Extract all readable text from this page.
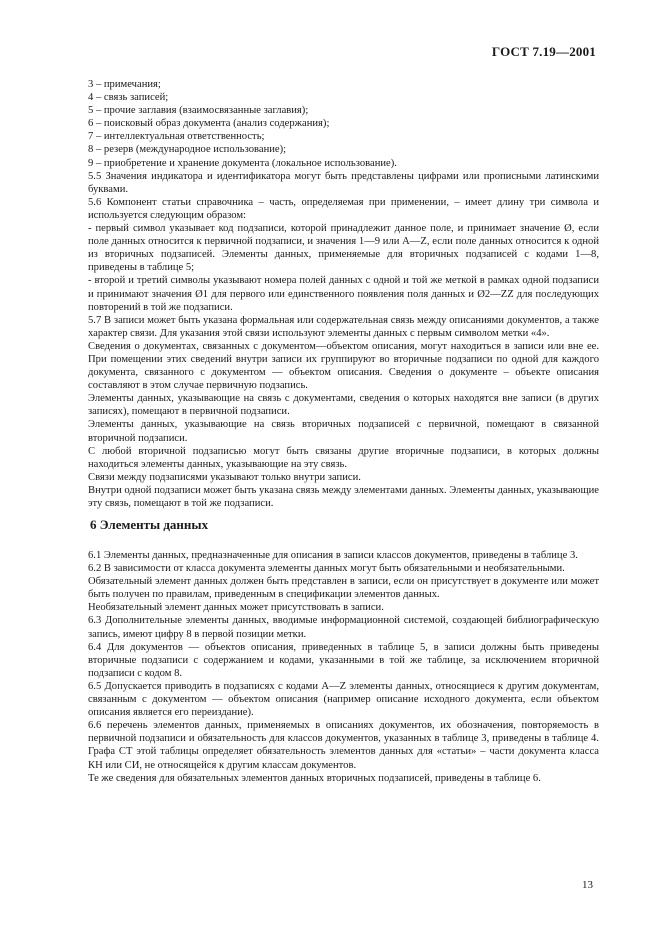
ГОСТ 7.19—2001

3 – примечания;

4 – связь записей;

5 – прочие заглавия (взаимосвязанные заглавия);

6 – поисковый образ документа (анализ содержания);

7 – интеллектуальная ответственность;

8 – резерв (международное использование);

9 – приобретение и хранение документа (локальное использование).

5.5 Значения индикатора и идентификатора могут быть представлены цифрами или прописными латинскими буквами.

5.6 Компонент статьи справочника – часть, определяемая при применении, – имеет длину три символа и используется следующим образом:

- первый символ указывает код подзаписи, которой принадлежит данное поле, и принимает значение Ø, если поле данных относится к первичной подзаписи, и значения 1—9 или A—Z, если поле данных относится к одной из вторичных подзаписей. Элементы данных, применяемые для вторичных подзаписей с кодами 1—8, приведены в таблице 5;

- второй и третий символы указывают номера полей данных с одной и той же меткой в рамках одной подзаписи и принимают значения Ø1 для первого или единственного появления поля данных и Ø2—ZZ для последующих повторений в той же подзаписи.

5.7 В записи может быть указана формальная или содержательная связь между описаниями документов, а также характер связи. Для указания этой связи используют элементы данных с первым символом метки «4».

Сведения о документах, связанных с документом—объектом описания, могут находиться в записи или вне ее. При помещении этих сведений внутри записи их группируют во вторичные подзаписи по одной для каждого документа, связанного с документом — объектом описания. Сведения о документе – объекте описания составляют в этом случае первичную подзапись.

Элементы данных, указывающие на связь с документами, сведения о которых находятся вне записи (в других записях), помещают в первичной подзаписи.

Элементы данных, указывающие на связь вторичных подзаписей с первичной, помещают в связанной вторичной подзаписи.

С любой вторичной подзаписью могут быть связаны другие вторичные подзаписи, в которых должны находиться элементы данных, указывающие на эту связь.

Связи между подзаписями указывают только внутри записи.

Внутри одной подзаписи может быть указана связь между элементами данных. Элементы данных, указывающие эту связь, помещают в той же подзаписи.

6 Элементы данных

6.1 Элементы данных, предназначенные для описания в записи классов документов, приведены в таблице 3.

6.2 В зависимости от класса документа элементы данных могут быть обязательными и необязательными.

Обязательный элемент данных должен быть представлен в записи, если он присутствует в документе или может быть получен по правилам, приведенным в спецификации элементов данных.

Необязательный элемент данных может присутствовать в записи.

6.3 Дополнительные элементы данных, вводимые информационной системой, создающей библиографическую запись, имеют цифру 8 в первой позиции метки.

6.4 Для документов — объектов описания, приведенных в таблице 5, в записи должны быть приведены вторичные подзаписи с содержанием и кодами, указанными в той же таблице, за исключением вторичной подзаписи с кодом 8.

6.5 Допускается приводить в подзаписях с кодами A—Z элементы данных, относящиеся к другим документам, связанным с документом — объектом описания (например описание исходного документа, если объектом описания является его переиздание).

6.6 перечень элементов данных, применяемых в описаниях документов, их обозначения, повторяемость в первичной подзаписи и обязательность для классов документов, указанных в таблице 3, приведены в таблице 4. Графа СТ этой таблицы определяет обязательность элементов данных для «статьи» – части документа класса КН или СИ, не относящейся к другим классам документов.

Те же сведения для обязательных элементов данных вторичных подзаписей, приведены в таблице 6.

13
